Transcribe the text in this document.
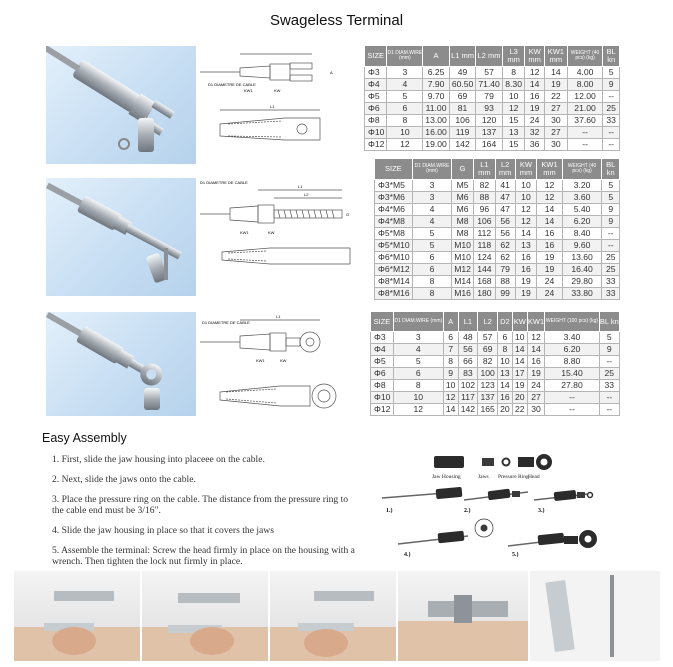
Swageless Terminal
D1 DIAMETRE DE CABLE
KW1	KW
L1
A
SIZE	D1 DIAM.WIRE (mm)	A	L1 mm	L2 mm	L3 mm	KW mm	KW1 mm	WEIGHT (40 pcs) (kg)	BL kn
Φ3	3	6.25	49	57	8	12	14	4.00	5
Φ4	4	7.90	60.50	71.40	8.30	14	19	8.00	9
Φ5	5	9.70	69	79	10	16	22	12.00	--
Φ6	6	11.00	81	93	12	19	27	21.00	25
Φ8	8	13.00	106	120	15	24	30	37.60	33
Φ10	10	16.00	119	137	13	32	27	--	--
Φ12	12	19.00	142	164	15	36	30	--	--
D1 DIAMETRE DE CABLE
KW1	KW
L1
L2
G
SIZE	D1 DIAM.WIRE (mm)	G	L1 mm	L2 mm	KW mm	KW1 mm	WEIGHT (40 pcs) (kg)	BL kn
Φ3*M5	3	M5	82	41	10	12	3.20	5
Φ3*M6	3	M6	88	47	10	12	3.60	5
Φ4*M6	4	M6	96	47	12	14	5.40	9
Φ4*M8	4	M8	106	56	12	14	6.20	9
Φ5*M8	5	M8	112	56	14	16	8.40	--
Φ5*M10	5	M10	118	62	13	16	9.60	--
Φ6*M10	6	M10	124	62	16	19	13.60	25
Φ6*M12	6	M12	144	79	16	19	16.40	25
Φ8*M14	8	M14	168	88	19	24	29.80	33
Φ8*M16	8	M16	180	99	19	24	33.80	33
D1 DIAMETRE DE CABLE
KW1	KW
L1
SIZE	D1 DIAM.WIRE (mm)	A	L1	L2	D2	KW	KW1	WEIGHT (100 pcs) (kg)	BL kn
Φ3	3	6	48	57	6	10	12	3.40	5
Φ4	4	7	56	69	8	14	14	6.20	9
Φ5	5	8	66	82	10	14	16	8.80	--
Φ6	6	9	83	100	13	17	19	15.40	25
Φ8	8	10	102	123	14	19	24	27.80	33
Φ10	10	12	117	137	16	20	27	--	--
Φ12	12	14	142	165	20	22	30	--	--
Easy Assembly
1. First, slide the jaw housing into placeee on the cable.
2. Next, slide the jaws onto the cable.
3. Place the pressure ring on the cable. The distance from the pressure ring to the cable end must be 3/16".
4. Slide the jaw housing in place so that it covers the jaws
5. Assemble the terminal: Screw the head firmly in place on the housing with a wrench. Then tighten the lock nut firmly in place.
Jaw Housing	Jaws Pressure Ring Head
1.)	2.)	3.)
4.)	5.)
